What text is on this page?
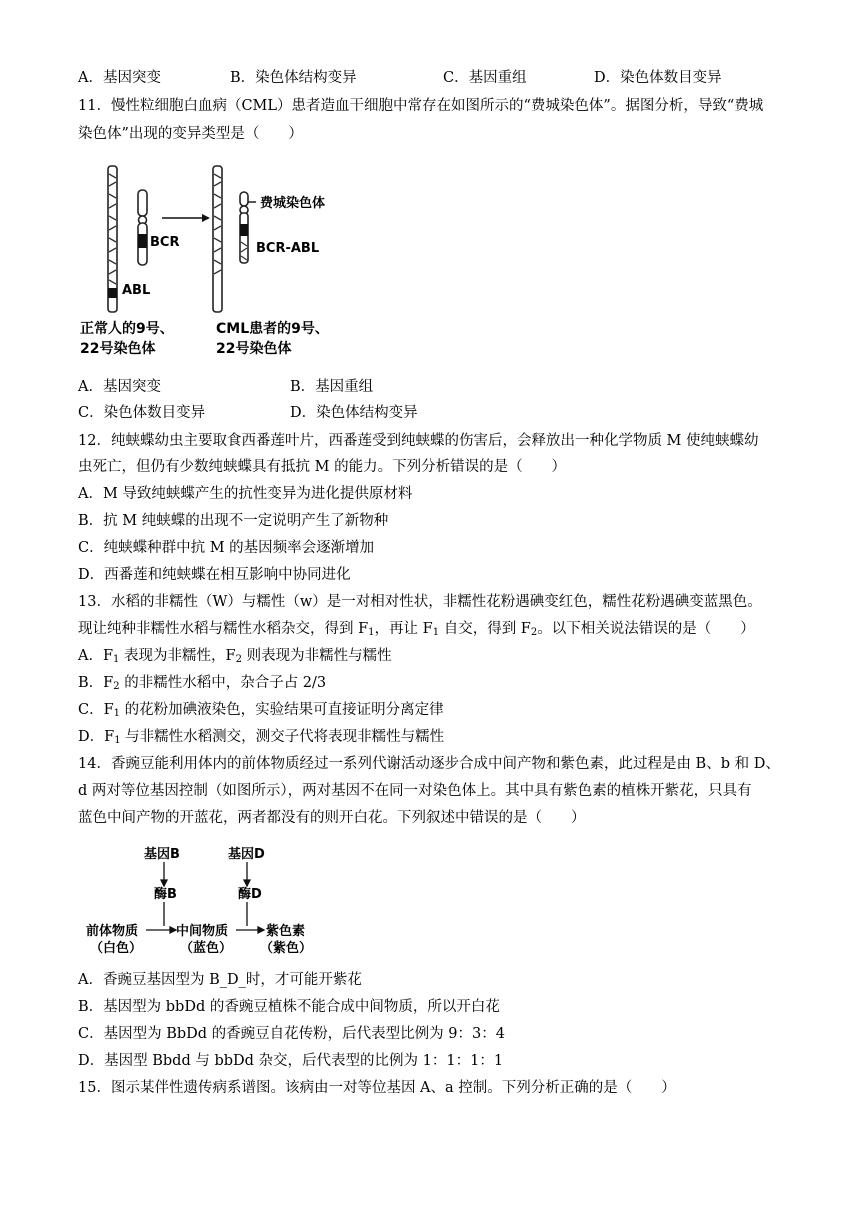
A．基因突变	B．染色体结构变异	C．基因重组	D．染色体数目变异
11．慢性粒细胞白血病（CML）患者造血干细胞中常存在如图所示的“费城染色体”。据图分析，导致“费城
染色体”出现的变异类型是（　　）
ABL
BCR
费城染色体
BCR-ABL
正常人的9号、
22号染色体
CML患者的9号、
22号染色体
A．基因突变	B．基因重组
C．染色体数目变异	D．染色体结构变异
12．纯蛱蝶幼虫主要取食西番莲叶片，西番莲受到纯蛱蝶的伤害后，会释放出一种化学物质 M 使纯蛱蝶幼
虫死亡，但仍有少数纯蛱蝶具有抵抗 M 的能力。下列分析错误的是（　　）
A．M 导致纯蛱蝶产生的抗性变异为进化提供原材料
B．抗 M 纯蛱蝶的出现不一定说明产生了新物种
C．纯蛱蝶种群中抗 M 的基因频率会逐渐增加
D．西番莲和纯蛱蝶在相互影响中协同进化
13．水稻的非糯性（W）与糯性（w）是一对相对性状，非糯性花粉遇碘变红色，糯性花粉遇碘变蓝黑色。
现让纯种非糯性水稻与糯性水稻杂交，得到 $F_1$，再让 $F_1$ 自交，得到 $F_2$。以下相关说法错误的是（　　）
A．$F_1$ 表现为非糯性，$F_2$ 则表现为非糯性与糯性
B．$F_2$ 的非糯性水稻中，杂合子占 2/3
C．$F_1$ 的花粉加碘液染色，实验结果可直接证明分离定律
D．$F_1$ 与非糯性水稻测交，测交子代将表现非糯性与糯性
14．香豌豆能利用体内的前体物质经过一系列代谢活动逐步合成中间产物和紫色素，此过程是由 B、b 和 D、
d 两对等位基因控制（如图所示），两对基因不在同一对染色体上。其中具有紫色素的植株开紫花，只具有
蓝色中间产物的开蓝花，两者都没有的则开白花。下列叙述中错误的是（　　）
基因B	基因D
酶B	酶D
前体物质
（白色）
中间物质
（蓝色）
紫色素
（紫色）
A．香豌豆基因型为 B_D_时，才可能开紫花
B．基因型为 bbDd 的香豌豆植株不能合成中间物质，所以开白花
C．基因型为 BbDd 的香豌豆自花传粉，后代表型比例为 9：3：4
D．基因型 Bbdd 与 bbDd 杂交，后代表型的比例为 1：1：1：1
15．图示某伴性遗传病系谱图。该病由一对等位基因 A、a 控制。下列分析正确的是（　　）
